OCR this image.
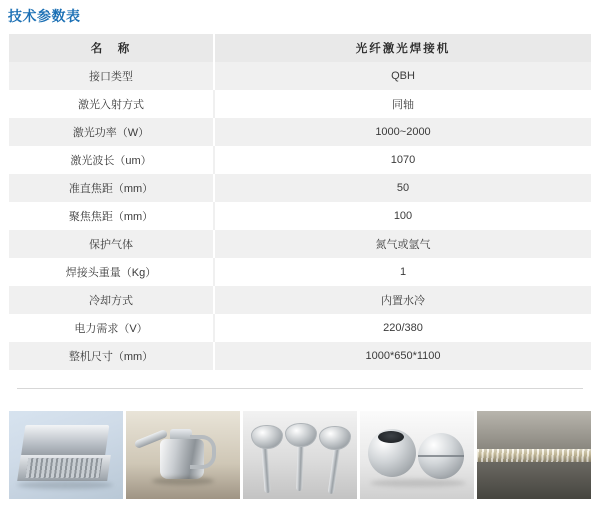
技术参数表
名　称	光纤激光焊接机
接口类型	QBH
激光入射方式	同轴
激光功率（W）	1000~2000
激光波长（um）	1070
准直焦距（mm）	50
聚焦焦距（mm）	100
保护气体	氮气或氩气
焊接头重量（Kg）	1
冷却方式	内置水冷
电力需求（V）	220/380
整机尺寸（mm）	1000*650*1100
